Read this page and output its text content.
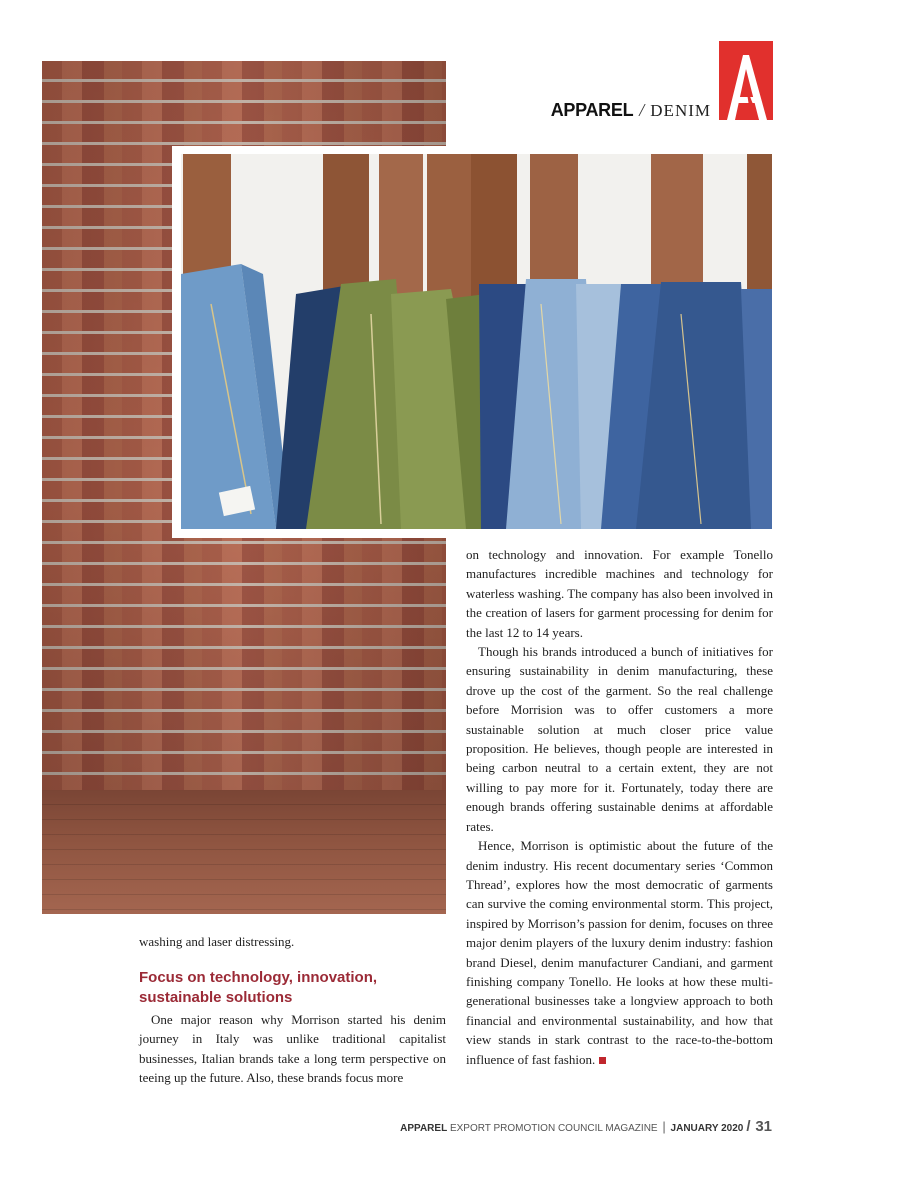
APPAREL / DENIM

washing and laser distressing.

Focus on technology, innovation,

sustainable solutions

One major reason why Morrison started his denim journey in Italy was unlike traditional capitalist businesses, Italian brands take a long term perspective on teeing up the future. Also, these brands focus more

on technology and innovation. For example Tonello manufactures incredible machines and technology for waterless washing. The company has also been involved in the creation of lasers for garment processing for denim for the last 12 to 14 years.

Though his brands introduced a bunch of initiatives for ensuring sustainability in denim manufacturing, these drove up the cost of the garment. So the real challenge before Morrision was to offer customers a more sustainable solution at much closer price value proposition. He believes, though people are interested in being carbon neutral to a certain extent, they are not willing to pay more for it. Fortunately, today there are enough brands offering sustainable denims at affordable rates.

Hence, Morrison is optimistic about the future of the denim industry. His recent documentary series ‘Common Thread’, explores how the most democratic of garments can survive the coming environmental storm. This project, inspired by Morrison’s passion for denim, focuses on three major denim players of the luxury denim industry: fashion brand Diesel, denim manufacturer Candiani, and garment finishing company Tonello. He looks at how these multi-generational businesses take a longview approach to both financial and environmental sustainability, and how that view stands in stark contrast to the race-to-the-bottom influence of fast fashion.

APPAREL EXPORT PROMOTION COUNCIL MAGAZINE | JANUARY 2020 / 31
